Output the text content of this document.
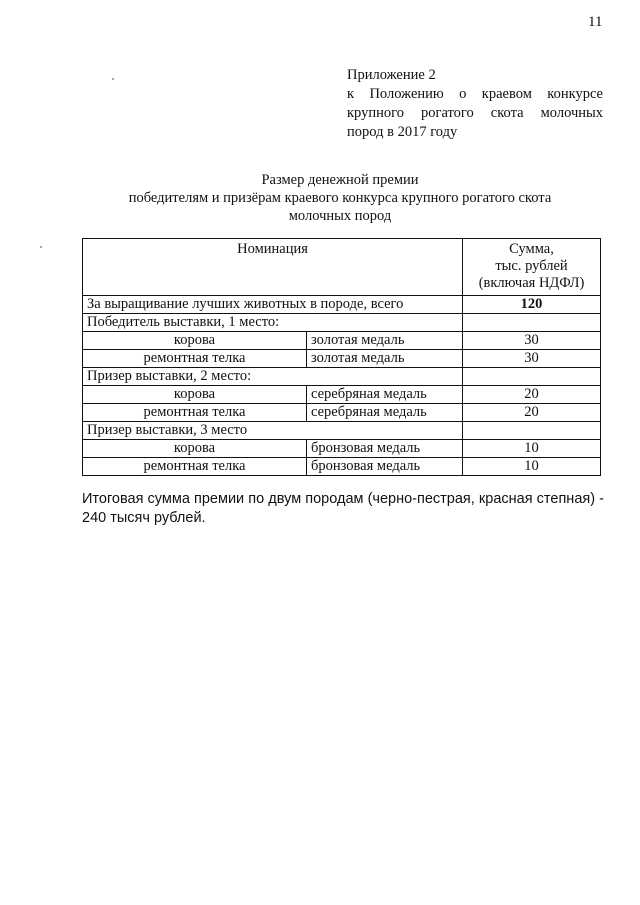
11
Приложение 2
к Положению о краевом конкурсе
крупного рогатого скота молочных
пород в 2017 году
Размер денежной премии
победителям и призёрам краевого конкурса крупного рогатого скота
молочных пород
Номинация		Сумма,
тыс. рублей
(включая НДФЛ)

За выращивание лучших животных в породе, всего		120
Победитель выставки, 1 место:		
корова	золотая медаль	30
ремонтная телка	золотая медаль	30
Призер выставки, 2 место:		
корова	серебряная медаль	20
ремонтная телка	серебряная медаль	20
Призер выставки, 3 место		
корова	бронзовая медаль	10
ремонтная телка	бронзовая медаль	10
Итоговая сумма премии по двум породам (черно-пестрая, красная степная) - 240 тысяч рублей.
